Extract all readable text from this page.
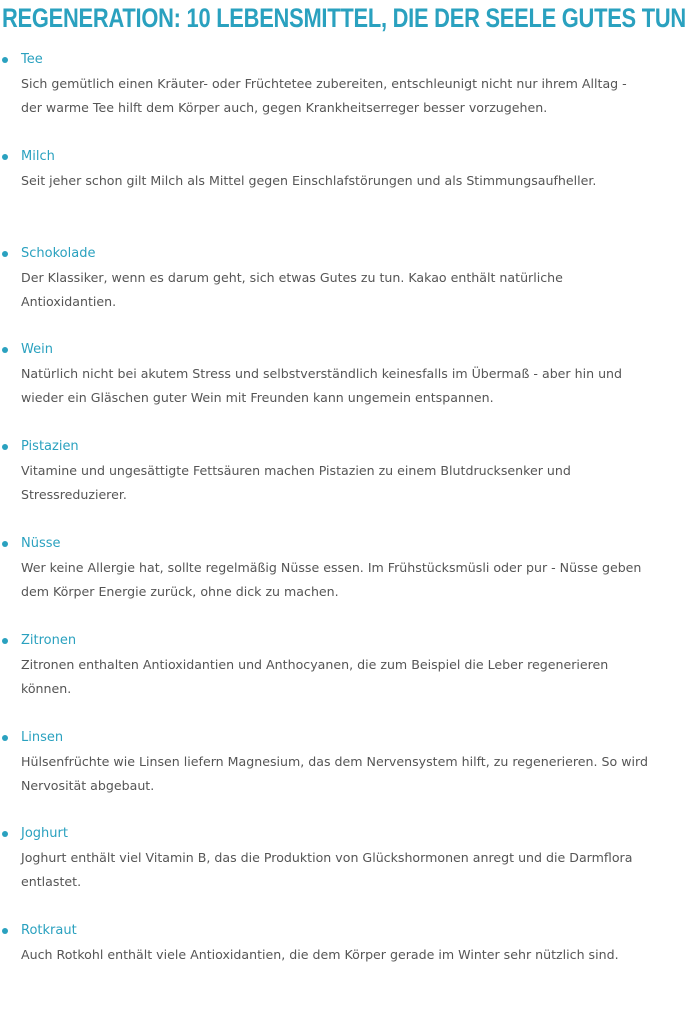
REGENERATION: 10 LEBENSMITTEL, DIE DER SEELE GUTES TUN
Tee

Sich gemütlich einen Kräuter- oder Früchtetee zubereiten, entschleunigt nicht nur ihrem Alltag - der warme Tee hilft dem Körper auch, gegen Krankheitserreger besser vorzugehen.

Milch

Seit jeher schon gilt Milch als Mittel gegen Einschlafstörungen und als Stimmungsaufheller.

Schokolade

Der Klassiker, wenn es darum geht, sich etwas Gutes zu tun. Kakao enthält natürliche Antioxidantien.

Wein

Natürlich nicht bei akutem Stress und selbstverständlich keinesfalls im Übermaß - aber hin und wieder ein Gläschen guter Wein mit Freunden kann ungemein entspannen.

Pistazien

Vitamine und ungesättigte Fettsäuren machen Pistazien zu einem Blutdrucksenker und Stressreduzierer.

Nüsse

Wer keine Allergie hat, sollte regelmäßig Nüsse essen. Im Frühstücksmüsli oder pur - Nüsse geben dem Körper Energie zurück, ohne dick zu machen.

Zitronen

Zitronen enthalten Antioxidantien und Anthocyanen, die zum Beispiel die Leber regenerieren können.

Linsen

Hülsenfrüchte wie Linsen liefern Magnesium, das dem Nervensystem hilft, zu regenerieren. So wird Nervosität abgebaut.

Joghurt

Joghurt enthält viel Vitamin B, das die Produktion von Glückshormonen anregt und die Darmflora entlastet.

Rotkraut

Auch Rotkohl enthält viele Antioxidantien, die dem Körper gerade im Winter sehr nützlich sind.
